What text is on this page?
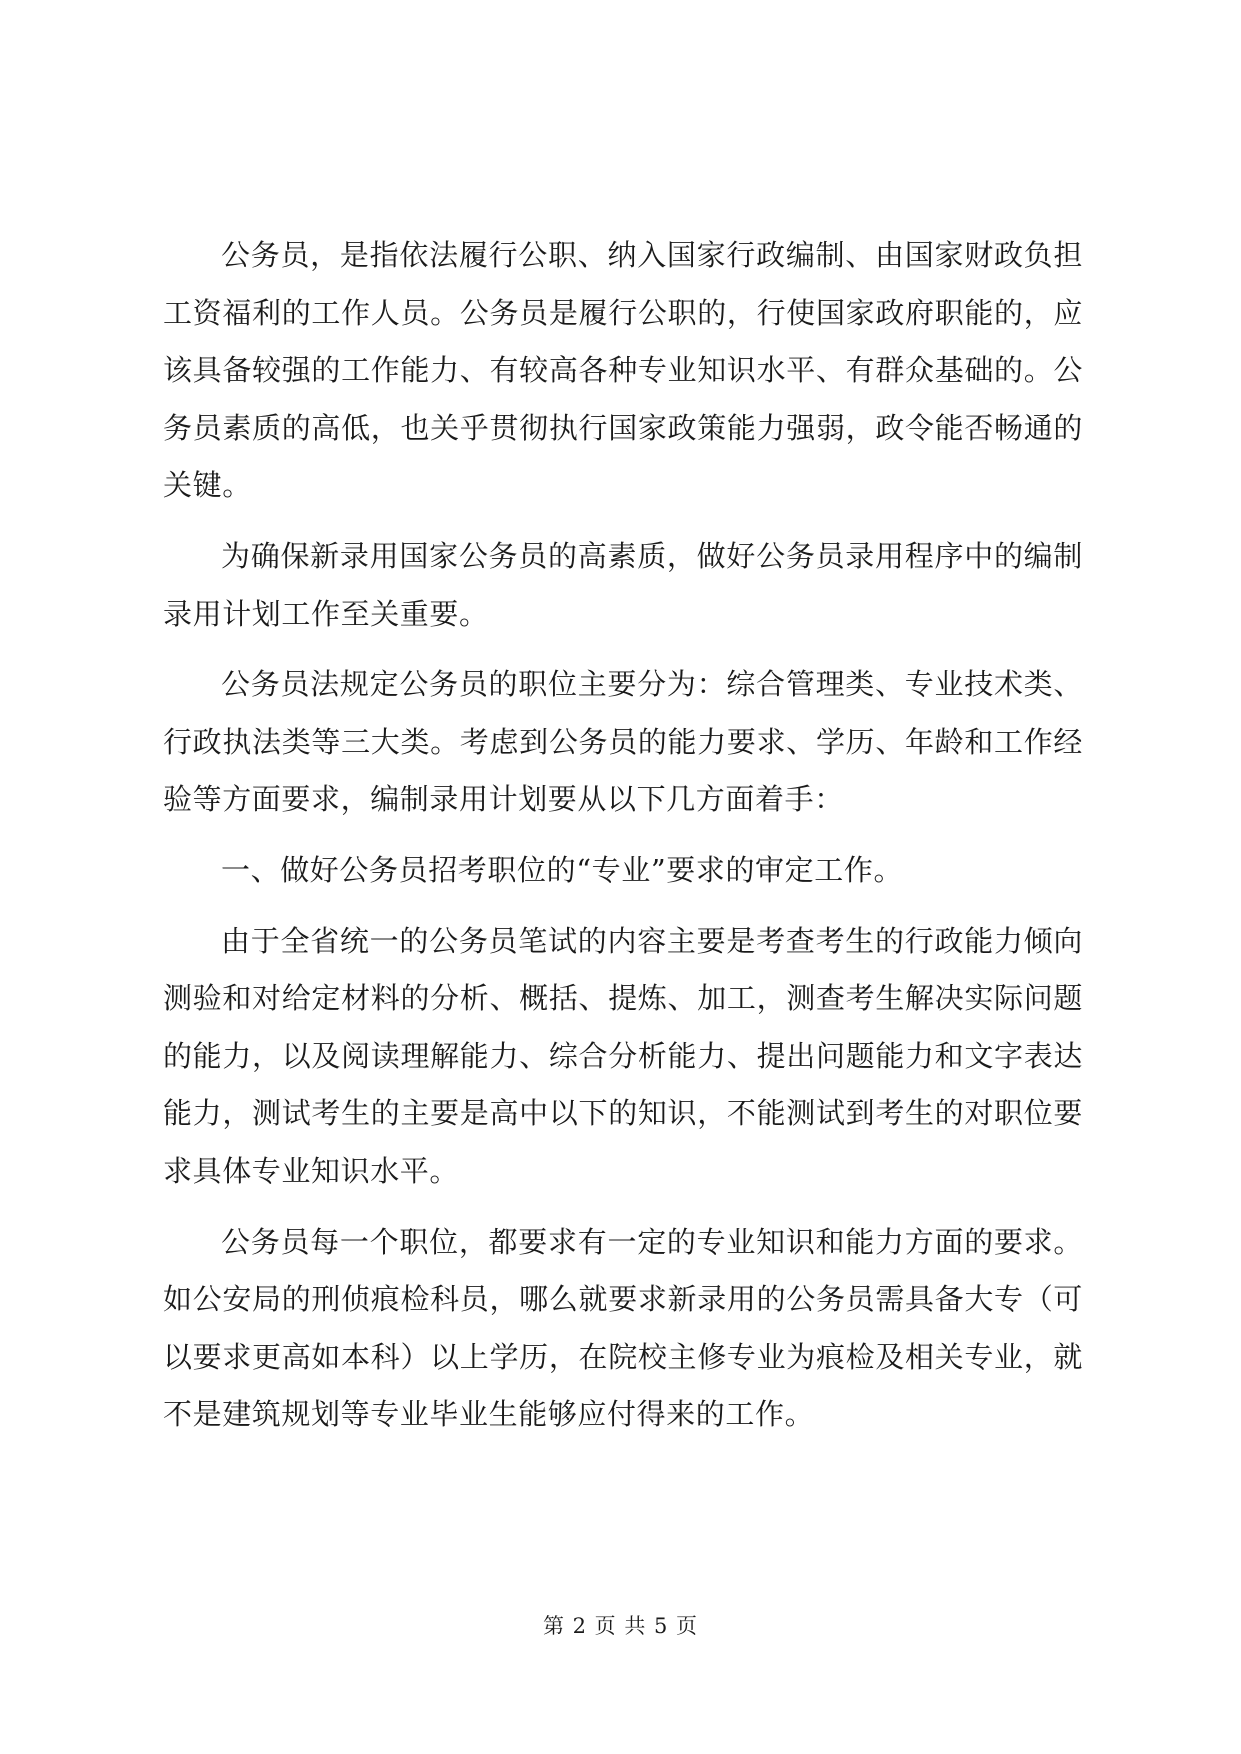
公务员，是指依法履行公职、纳入国家行政编制、由国家财政负担工资福利的工作人员。公务员是履行公职的，行使国家政府职能的，应该具备较强的工作能力、有较高各种专业知识水平、有群众基础的。公务员素质的高低，也关乎贯彻执行国家政策能力强弱，政令能否畅通的关键。

为确保新录用国家公务员的高素质，做好公务员录用程序中的编制录用计划工作至关重要。

公务员法规定公务员的职位主要分为：综合管理类、专业技术类、行政执法类等三大类。考虑到公务员的能力要求、学历、年龄和工作经验等方面要求，编制录用计划要从以下几方面着手：

一、做好公务员招考职位的“专业”要求的审定工作。

由于全省统一的公务员笔试的内容主要是考查考生的行政能力倾向测验和对给定材料的分析、概括、提炼、加工，测查考生解决实际问题的能力，以及阅读理解能力、综合分析能力、提出问题能力和文字表达能力，测试考生的主要是高中以下的知识，不能测试到考生的对职位要求具体专业知识水平。

公务员每一个职位，都要求有一定的专业知识和能力方面的要求。如公安局的刑侦痕检科员，哪么就要求新录用的公务员需具备大专（可以要求更高如本科）以上学历，在院校主修专业为痕检及相关专业，就不是建筑规划等专业毕业生能够应付得来的工作。

第 2 页 共 5 页
